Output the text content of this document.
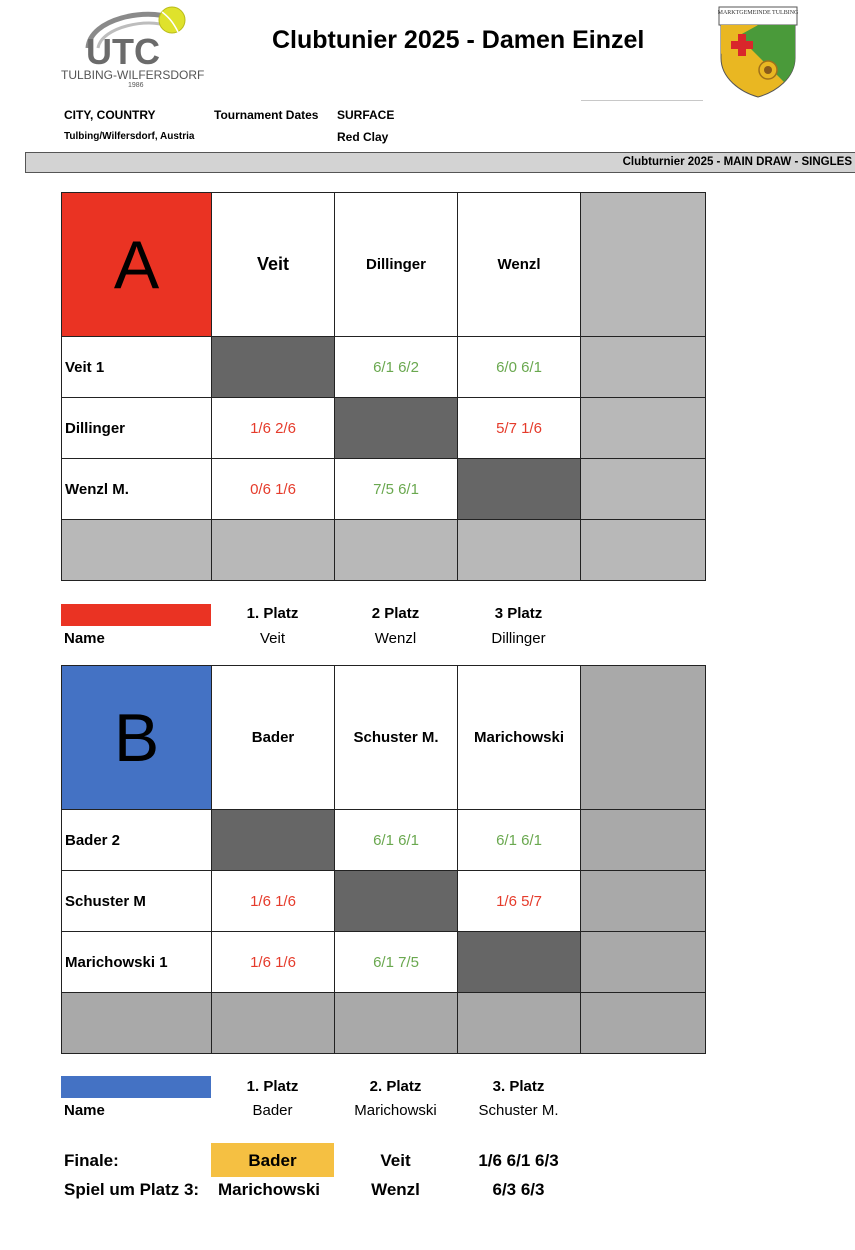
UTC
TULBING-WILFERSDORF
1986
Clubtunier 2025 - Damen Einzel
MARKTGEMEINDE TULBING
CITY, COUNTRY
Tulbing/Wilfersdorf, Austria
Tournament Dates SURFACE
Red Clay
Clubturnier 2025 - MAIN DRAW - SINGLES
A	Veit	Dillinger	Wenzl	
Veit 1		6/1 6/2	6/0 6/1	
Dillinger	1/6 2/6		5/7 1/6	
Wenzl M.	0/6 1/6	7/5 6/1		

1. Platz	2 Platz	3 Platz
Name	Veit	Wenzl	Dillinger
B	Bader	Schuster M.	Marichowski	
Bader 2		6/1 6/1	6/1 6/1	
Schuster M	1/6 1/6		1/6 5/7	
Marichowski 1	1/6 1/6	6/1 7/5		

1. Platz	2. Platz	3. Platz
Name	Bader	Marichowski	Schuster M.
Finale:	Bader	Veit	1/6 6/1 6/3
Spiel um Platz 3: Marichowski	Wenzl	6/3 6/3
